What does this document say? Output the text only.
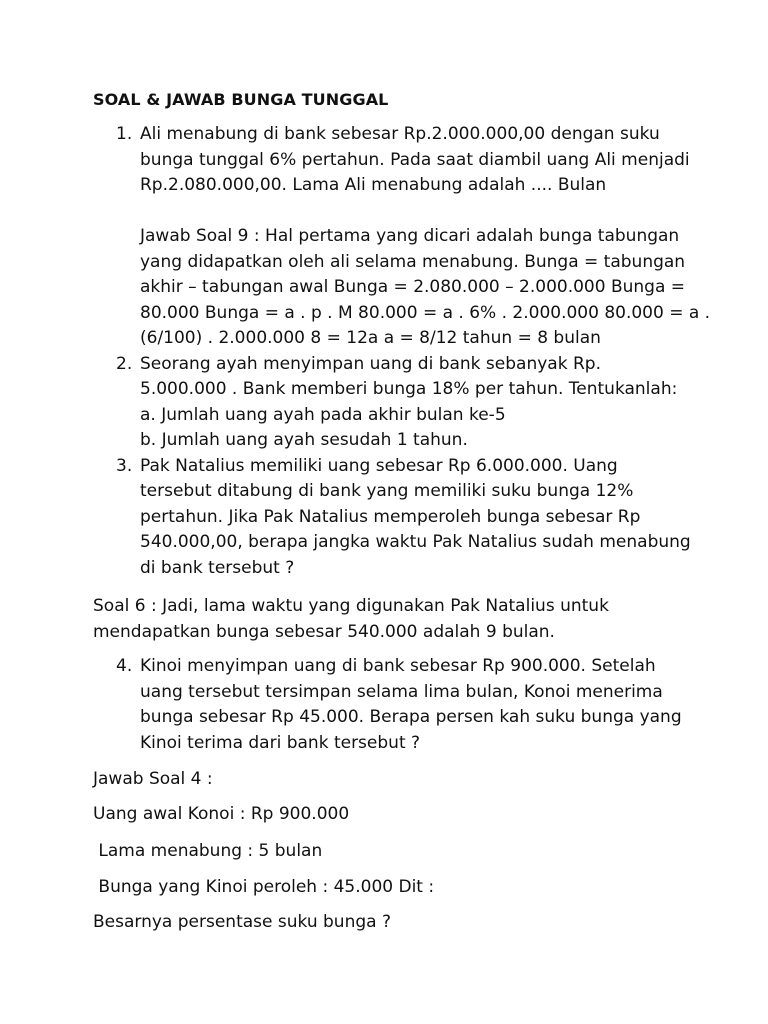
SOAL & JAWAB BUNGA TUNGGAL
1. Ali menabung di bank sebesar Rp.2.000.000,00 dengan suku
bunga tunggal 6% pertahun. Pada saat diambil uang Ali menjadi
Rp.2.080.000,00. Lama Ali menabung adalah .... Bulan
Jawab Soal 9 : Hal pertama yang dicari adalah bunga tabungan
yang didapatkan oleh ali selama menabung. Bunga = tabungan
akhir – tabungan awal Bunga = 2.080.000 – 2.000.000 Bunga =
80.000 Bunga = a . p . M 80.000 = a . 6% . 2.000.000 80.000 = a .
(6/100) . 2.000.000 8 = 12a a = 8/12 tahun = 8 bulan
2. Seorang ayah menyimpan uang di bank sebanyak Rp.
5.000.000 . Bank memberi bunga 18% per tahun. Tentukanlah:
a. Jumlah uang ayah pada akhir bulan ke-5
b. Jumlah uang ayah sesudah 1 tahun.
3. Pak Natalius memiliki uang sebesar Rp 6.000.000. Uang
tersebut ditabung di bank yang memiliki suku bunga 12%
pertahun. Jika Pak Natalius memperoleh bunga sebesar Rp
540.000,00, berapa jangka waktu Pak Natalius sudah menabung
di bank tersebut ?
Soal 6 : Jadi, lama waktu yang digunakan Pak Natalius untuk
mendapatkan bunga sebesar 540.000 adalah 9 bulan.
4. Kinoi menyimpan uang di bank sebesar Rp 900.000. Setelah
uang tersebut tersimpan selama lima bulan, Konoi menerima
bunga sebesar Rp 45.000. Berapa persen kah suku bunga yang
Kinoi terima dari bank tersebut ?
Jawab Soal 4 :
Uang awal Konoi : Rp 900.000
Lama menabung : 5 bulan
Bunga yang Kinoi peroleh : 45.000 Dit :
Besarnya persentase suku bunga ?
